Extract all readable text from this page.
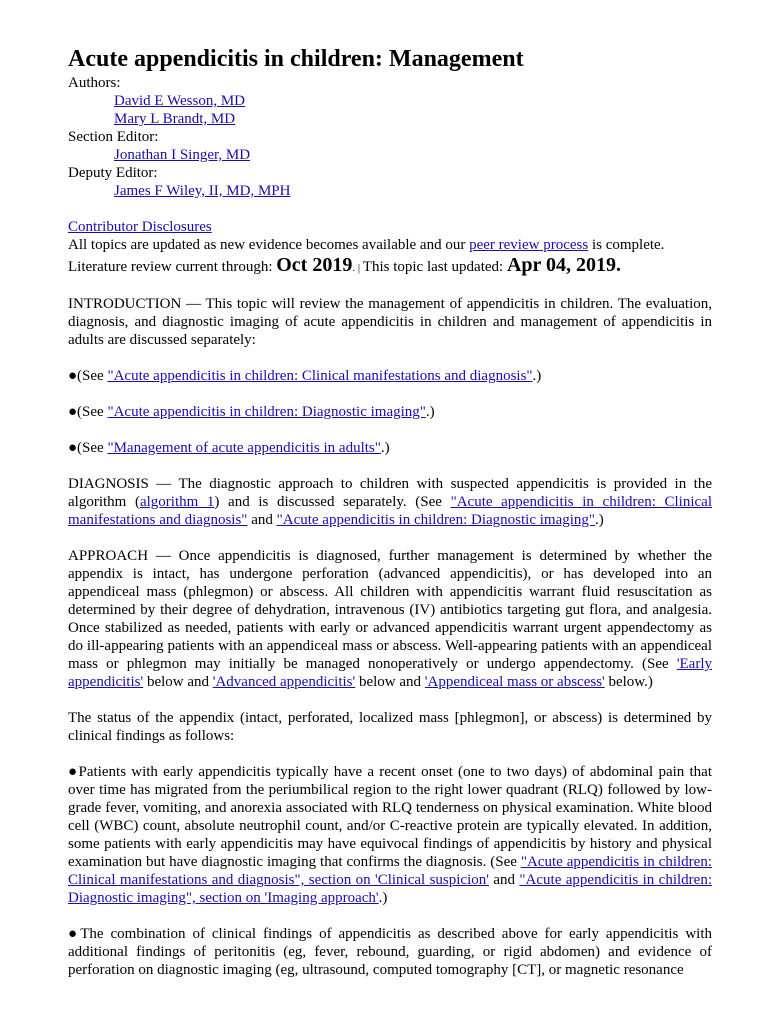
Acute appendicitis in children: Management
Authors:
David E Wesson, MD
Mary L Brandt, MD
Section Editor:
Jonathan I Singer, MD
Deputy Editor:
James F Wiley, II, MD, MPH

Contributor Disclosures

All topics are updated as new evidence becomes available and our peer review process is complete.

Literature review current through: Oct 2019. | This topic last updated: Apr 04, 2019.

INTRODUCTION — This topic will review the management of appendicitis in children. The evaluation, diagnosis, and diagnostic imaging of acute appendicitis in children and management of appendicitis in adults are discussed separately:

●(See "Acute appendicitis in children: Clinical manifestations and diagnosis".)

●(See "Acute appendicitis in children: Diagnostic imaging".)

●(See "Management of acute appendicitis in adults".)

DIAGNOSIS — The diagnostic approach to children with suspected appendicitis is provided in the algorithm (algorithm 1) and is discussed separately. (See "Acute appendicitis in children: Clinical manifestations and diagnosis" and "Acute appendicitis in children: Diagnostic imaging".)

APPROACH — Once appendicitis is diagnosed, further management is determined by whether the appendix is intact, has undergone perforation (advanced appendicitis), or has developed into an appendiceal mass (phlegmon) or abscess. All children with appendicitis warrant fluid resuscitation as determined by their degree of dehydration, intravenous (IV) antibiotics targeting gut flora, and analgesia. Once stabilized as needed, patients with early or advanced appendicitis warrant urgent appendectomy as do ill-appearing patients with an appendiceal mass or abscess. Well-appearing patients with an appendiceal mass or phlegmon may initially be managed nonoperatively or undergo appendectomy. (See 'Early appendicitis' below and 'Advanced appendicitis' below and 'Appendiceal mass or abscess' below.)

The status of the appendix (intact, perforated, localized mass [phlegmon], or abscess) is determined by clinical findings as follows:

●Patients with early appendicitis typically have a recent onset (one to two days) of abdominal pain that over time has migrated from the periumbilical region to the right lower quadrant (RLQ) followed by low-grade fever, vomiting, and anorexia associated with RLQ tenderness on physical examination. White blood cell (WBC) count, absolute neutrophil count, and/or C-reactive protein are typically elevated. In addition, some patients with early appendicitis may have equivocal findings of appendicitis by history and physical examination but have diagnostic imaging that confirms the diagnosis. (See "Acute appendicitis in children: Clinical manifestations and diagnosis", section on 'Clinical suspicion' and "Acute appendicitis in children: Diagnostic imaging", section on 'Imaging approach'.)

●The combination of clinical findings of appendicitis as described above for early appendicitis with additional findings of peritonitis (eg, fever, rebound, guarding, or rigid abdomen) and evidence of perforation on diagnostic imaging (eg, ultrasound, computed tomography [CT], or magnetic resonance
